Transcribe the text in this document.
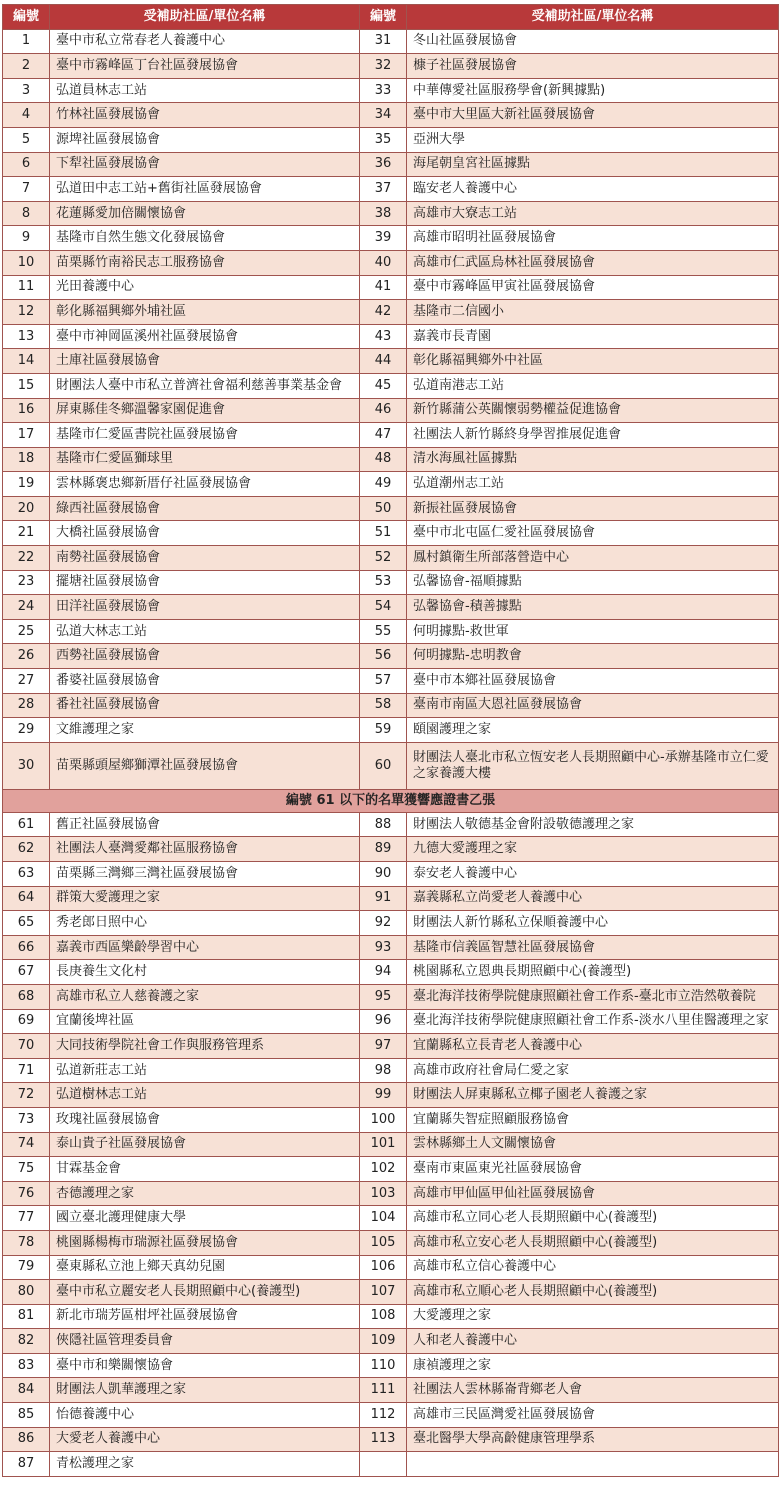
編號	受補助社區/單位名稱	編號	受補助社區/單位名稱
1	臺中市私立常春老人養護中心	31	冬山社區發展協會
2	臺中市霧峰區丁台社區發展協會	32	槺子社區發展協會
3	弘道員林志工站	33	中華傳愛社區服務學會(新興據點)
4	竹林社區發展協會	34	臺中市大里區大新社區發展協會
5	源埤社區發展協會	35	亞洲大學
6	下犁社區發展協會	36	海尾朝皇宮社區據點
7	弘道田中志工站+舊街社區發展協會	37	臨安老人養護中心
8	花蓮縣愛加倍關懷協會	38	高雄市大寮志工站
9	基隆市自然生態文化發展協會	39	高雄市昭明社區發展協會
10	苗栗縣竹南裕民志工服務協會	40	高雄市仁武區烏林社區發展協會
11	光田養護中心	41	臺中市霧峰區甲寅社區發展協會
12	彰化縣福興鄉外埔社區	42	基隆市二信國小
13	臺中市神岡區溪州社區發展協會	43	嘉義市長青園
14	土庫社區發展協會	44	彰化縣福興鄉外中社區
15	財團法人臺中市私立普濟社會福利慈善事業基金會	45	弘道南港志工站
16	屏東縣佳冬鄉溫馨家園促進會	46	新竹縣蒲公英關懷弱勢權益促進協會
17	基隆市仁愛區書院社區發展協會	47	社團法人新竹縣終身學習推展促進會
18	基隆市仁愛區獅球里	48	清水海風社區據點
19	雲林縣褒忠鄉新厝仔社區發展協會	49	弘道潮州志工站
20	綠西社區發展協會	50	新振社區發展協會
21	大橋社區發展協會	51	臺中市北屯區仁愛社區發展協會
22	南勢社區發展協會	52	鳳村鎮衛生所部落營造中心
23	擺塘社區發展協會	53	弘馨協會-福順據點
24	田洋社區發展協會	54	弘馨協會-積善據點
25	弘道大林志工站	55	何明據點-救世軍
26	西勢社區發展協會	56	何明據點-忠明教會
27	番婆社區發展協會	57	臺中市本鄉社區發展協會
28	番社社區發展協會	58	臺南市南區大恩社區發展協會
29	文維護理之家	59	頤園護理之家
30	苗栗縣頭屋鄉獅潭社區發展協會	60	財團法人臺北市私立恆安老人長期照顧中心-承辦基隆市立仁愛之家養護大樓
編號 61 以下的名單獲響應證書乙張			
61	舊正社區發展協會	88	財團法人敬德基金會附設敬德護理之家
62	社團法人臺灣愛鄰社區服務協會	89	九德大愛護理之家
63	苗栗縣三灣鄉三灣社區發展協會	90	泰安老人養護中心
64	群策大愛護理之家	91	嘉義縣私立尚愛老人養護中心
65	秀老郎日照中心	92	財團法人新竹縣私立保順養護中心
66	嘉義市西區樂齡學習中心	93	基隆市信義區智慧社區發展協會
67	長庚養生文化村	94	桃園縣私立恩典長期照顧中心(養護型)
68	高雄市私立人慈養護之家	95	臺北海洋技術學院健康照顧社會工作系-臺北市立浩然敬養院
69	宜蘭後埤社區	96	臺北海洋技術學院健康照顧社會工作系-淡水八里佳醫護理之家
70	大同技術學院社會工作與服務管理系	97	宜蘭縣私立長青老人養護中心
71	弘道新莊志工站	98	高雄市政府社會局仁愛之家
72	弘道樹林志工站	99	財團法人屏東縣私立椰子園老人養護之家
73	玫瑰社區發展協會	100	宜蘭縣失智症照顧服務協會
74	泰山貴子社區發展協會	101	雲林縣鄉土人文關懷協會
75	甘霖基金會	102	臺南市東區東光社區發展協會
76	杏德護理之家	103	高雄市甲仙區甲仙社區發展協會
77	國立臺北護理健康大學	104	高雄市私立同心老人長期照顧中心(養護型)
78	桃園縣楊梅市瑞源社區發展協會	105	高雄市私立安心老人長期照顧中心(養護型)
79	臺東縣私立池上鄉天真幼兒園	106	高雄市私立信心養護中心
80	臺中市私立麗安老人長期照顧中心(養護型)	107	高雄市私立順心老人長期照顧中心(養護型)
81	新北市瑞芳區柑坪社區發展協會	108	大愛護理之家
82	俠隱社區管理委員會	109	人和老人養護中心
83	臺中市和樂關懷協會	110	康禎護理之家
84	財團法人凱華護理之家	111	社團法人雲林縣崙背鄉老人會
85	怡德養護中心	112	高雄市三民區灣愛社區發展協會
86	大愛老人養護中心	113	臺北醫學大學高齡健康管理學系
87	青松護理之家		
